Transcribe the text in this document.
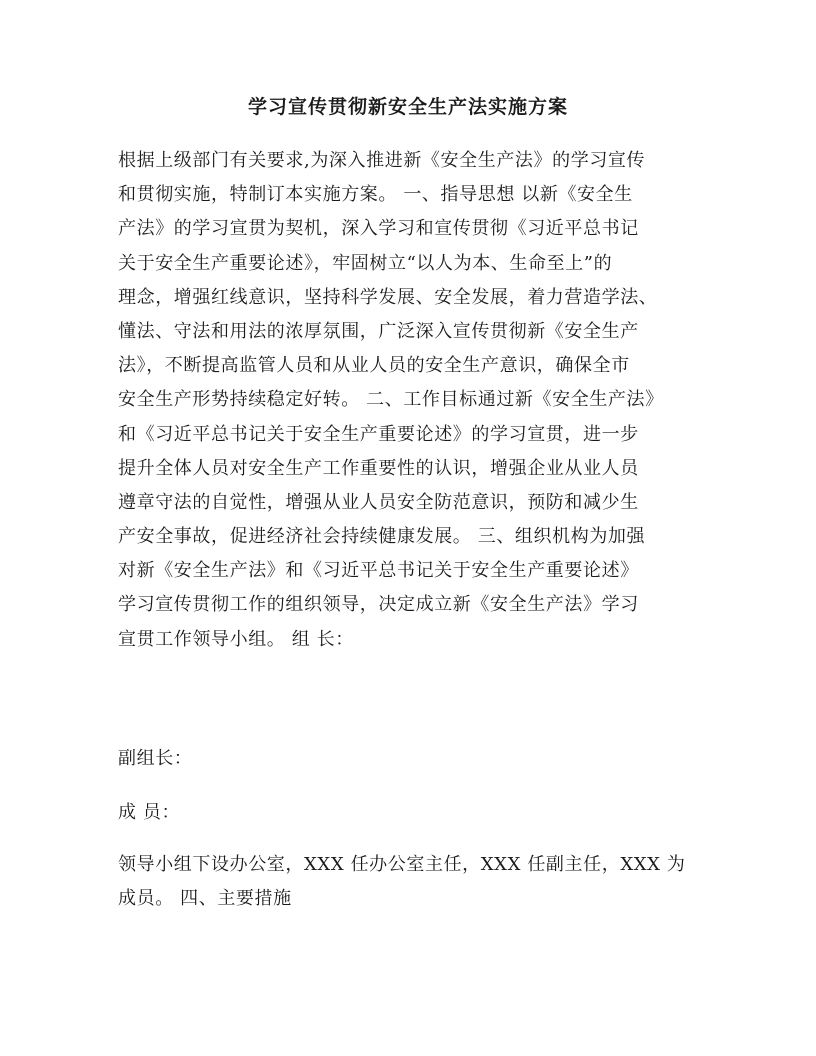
学习宣传贯彻新安全生产法实施方案
根据上级部门有关要求,为深入推进新《安全生产法》的学习宣传
和贯彻实施，特制订本实施方案。 一、指导思想 以新《安全生
产法》的学习宣贯为契机，深入学习和宣传贯彻《习近平总书记
关于安全生产重要论述》，牢固树立“以人为本、生命至上”的
理念，增强红线意识，坚持科学发展、安全发展，着力营造学法、
懂法、守法和用法的浓厚氛围，广泛深入宣传贯彻新《安全生产
法》，不断提高监管人员和从业人员的安全生产意识，确保全市
安全生产形势持续稳定好转。 二、工作目标通过新《安全生产法》
和《习近平总书记关于安全生产重要论述》的学习宣贯，进一步
提升全体人员对安全生产工作重要性的认识，增强企业从业人员
遵章守法的自觉性，增强从业人员安全防范意识，预防和减少生
产安全事故，促进经济社会持续健康发展。 三、组织机构为加强
对新《安全生产法》和《习近平总书记关于安全生产重要论述》
学习宣传贯彻工作的组织领导，决定成立新《安全生产法》学习
宣贯工作领导小组。 组 长：
副组长：
成 员：
领导小组下设办公室，XXX 任办公室主任，XXX 任副主任，XXX 为
成员。 四、主要措施
